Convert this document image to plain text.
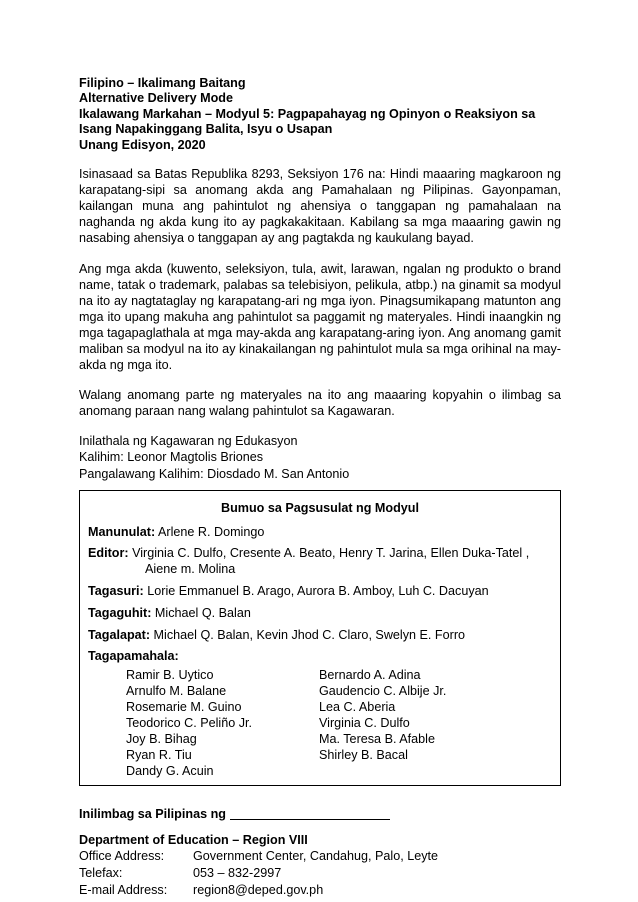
Filipino – Ikalimang Baitang
Alternative Delivery Mode
Ikalawang Markahan – Modyul 5: Pagpapahayag ng Opinyon o Reaksiyon sa Isang Napakinggang Balita, Isyu o Usapan
Unang Edisyon, 2020

Isinasaad sa Batas Republika 8293, Seksiyon 176 na: Hindi maaaring magkaroon ng karapatang-sipi sa anomang akda ang Pamahalaan ng Pilipinas. Gayonpaman, kailangan muna ang pahintulot ng ahensiya o tanggapan ng pamahalaan na naghanda ng akda kung ito ay pagkakakitaan. Kabilang sa mga maaaring gawin ng nasabing ahensiya o tanggapan ay ang pagtakda ng kaukulang bayad.

Ang mga akda (kuwento, seleksiyon, tula, awit, larawan, ngalan ng produkto o brand name, tatak o trademark, palabas sa telebisiyon, pelikula, atbp.) na ginamit sa modyul na ito ay nagtataglay ng karapatang-ari ng mga iyon. Pinagsumikapang matunton ang mga ito upang makuha ang pahintulot sa paggamit ng materyales. Hindi inaangkin ng mga tagapaglathala at mga may-akda ang karapatang-aring iyon. Ang anomang gamit maliban sa modyul na ito ay kinakailangan ng pahintulot mula sa mga orihinal na may-akda ng mga ito.

Walang anomang parte ng materyales na ito ang maaaring kopyahin o ilimbag sa anomang paraan nang walang pahintulot sa Kagawaran.

Inilathala ng Kagawaran ng Edukasyon
Kalihim: Leonor Magtolis Briones
Pangalawang Kalihim: Diosdado M. San Antonio
Bumuo sa Pagsusulat ng Modyul
Manunulat: Arlene R. Domingo
Editor: Virginia C. Dulfo, Cresente A. Beato, Henry T. Jarina, Ellen Duka-Tatel ,
Aiene m. Molina
Tagasuri: Lorie Emmanuel B. Arago, Aurora B. Amboy, Luh C. Dacuyan
Tagaguhit: Michael Q. Balan
Tagalapat: Michael Q. Balan, Kevin Jhod C. Claro, Swelyn E. Forro
Tagapamahala:
Ramir B. Uytico
Arnulfo M. Balane
Rosemarie M. Guino
Teodorico C. Peliño Jr.
Joy B. Bihag
Ryan R. Tiu
Dandy G. Acuin
Bernardo A. Adina
Gaudencio C. Albije Jr.
Lea C. Aberia
Virginia C. Dulfo
Ma. Teresa B. Afable
Shirley B. Bacal
Inilimbag sa Pilipinas ng
Department of Education – Region VIII
Office Address:	Government Center, Candahug, Palo, Leyte
Telefax:	053 – 832-2997
E-mail Address:	region8@deped.gov.ph
